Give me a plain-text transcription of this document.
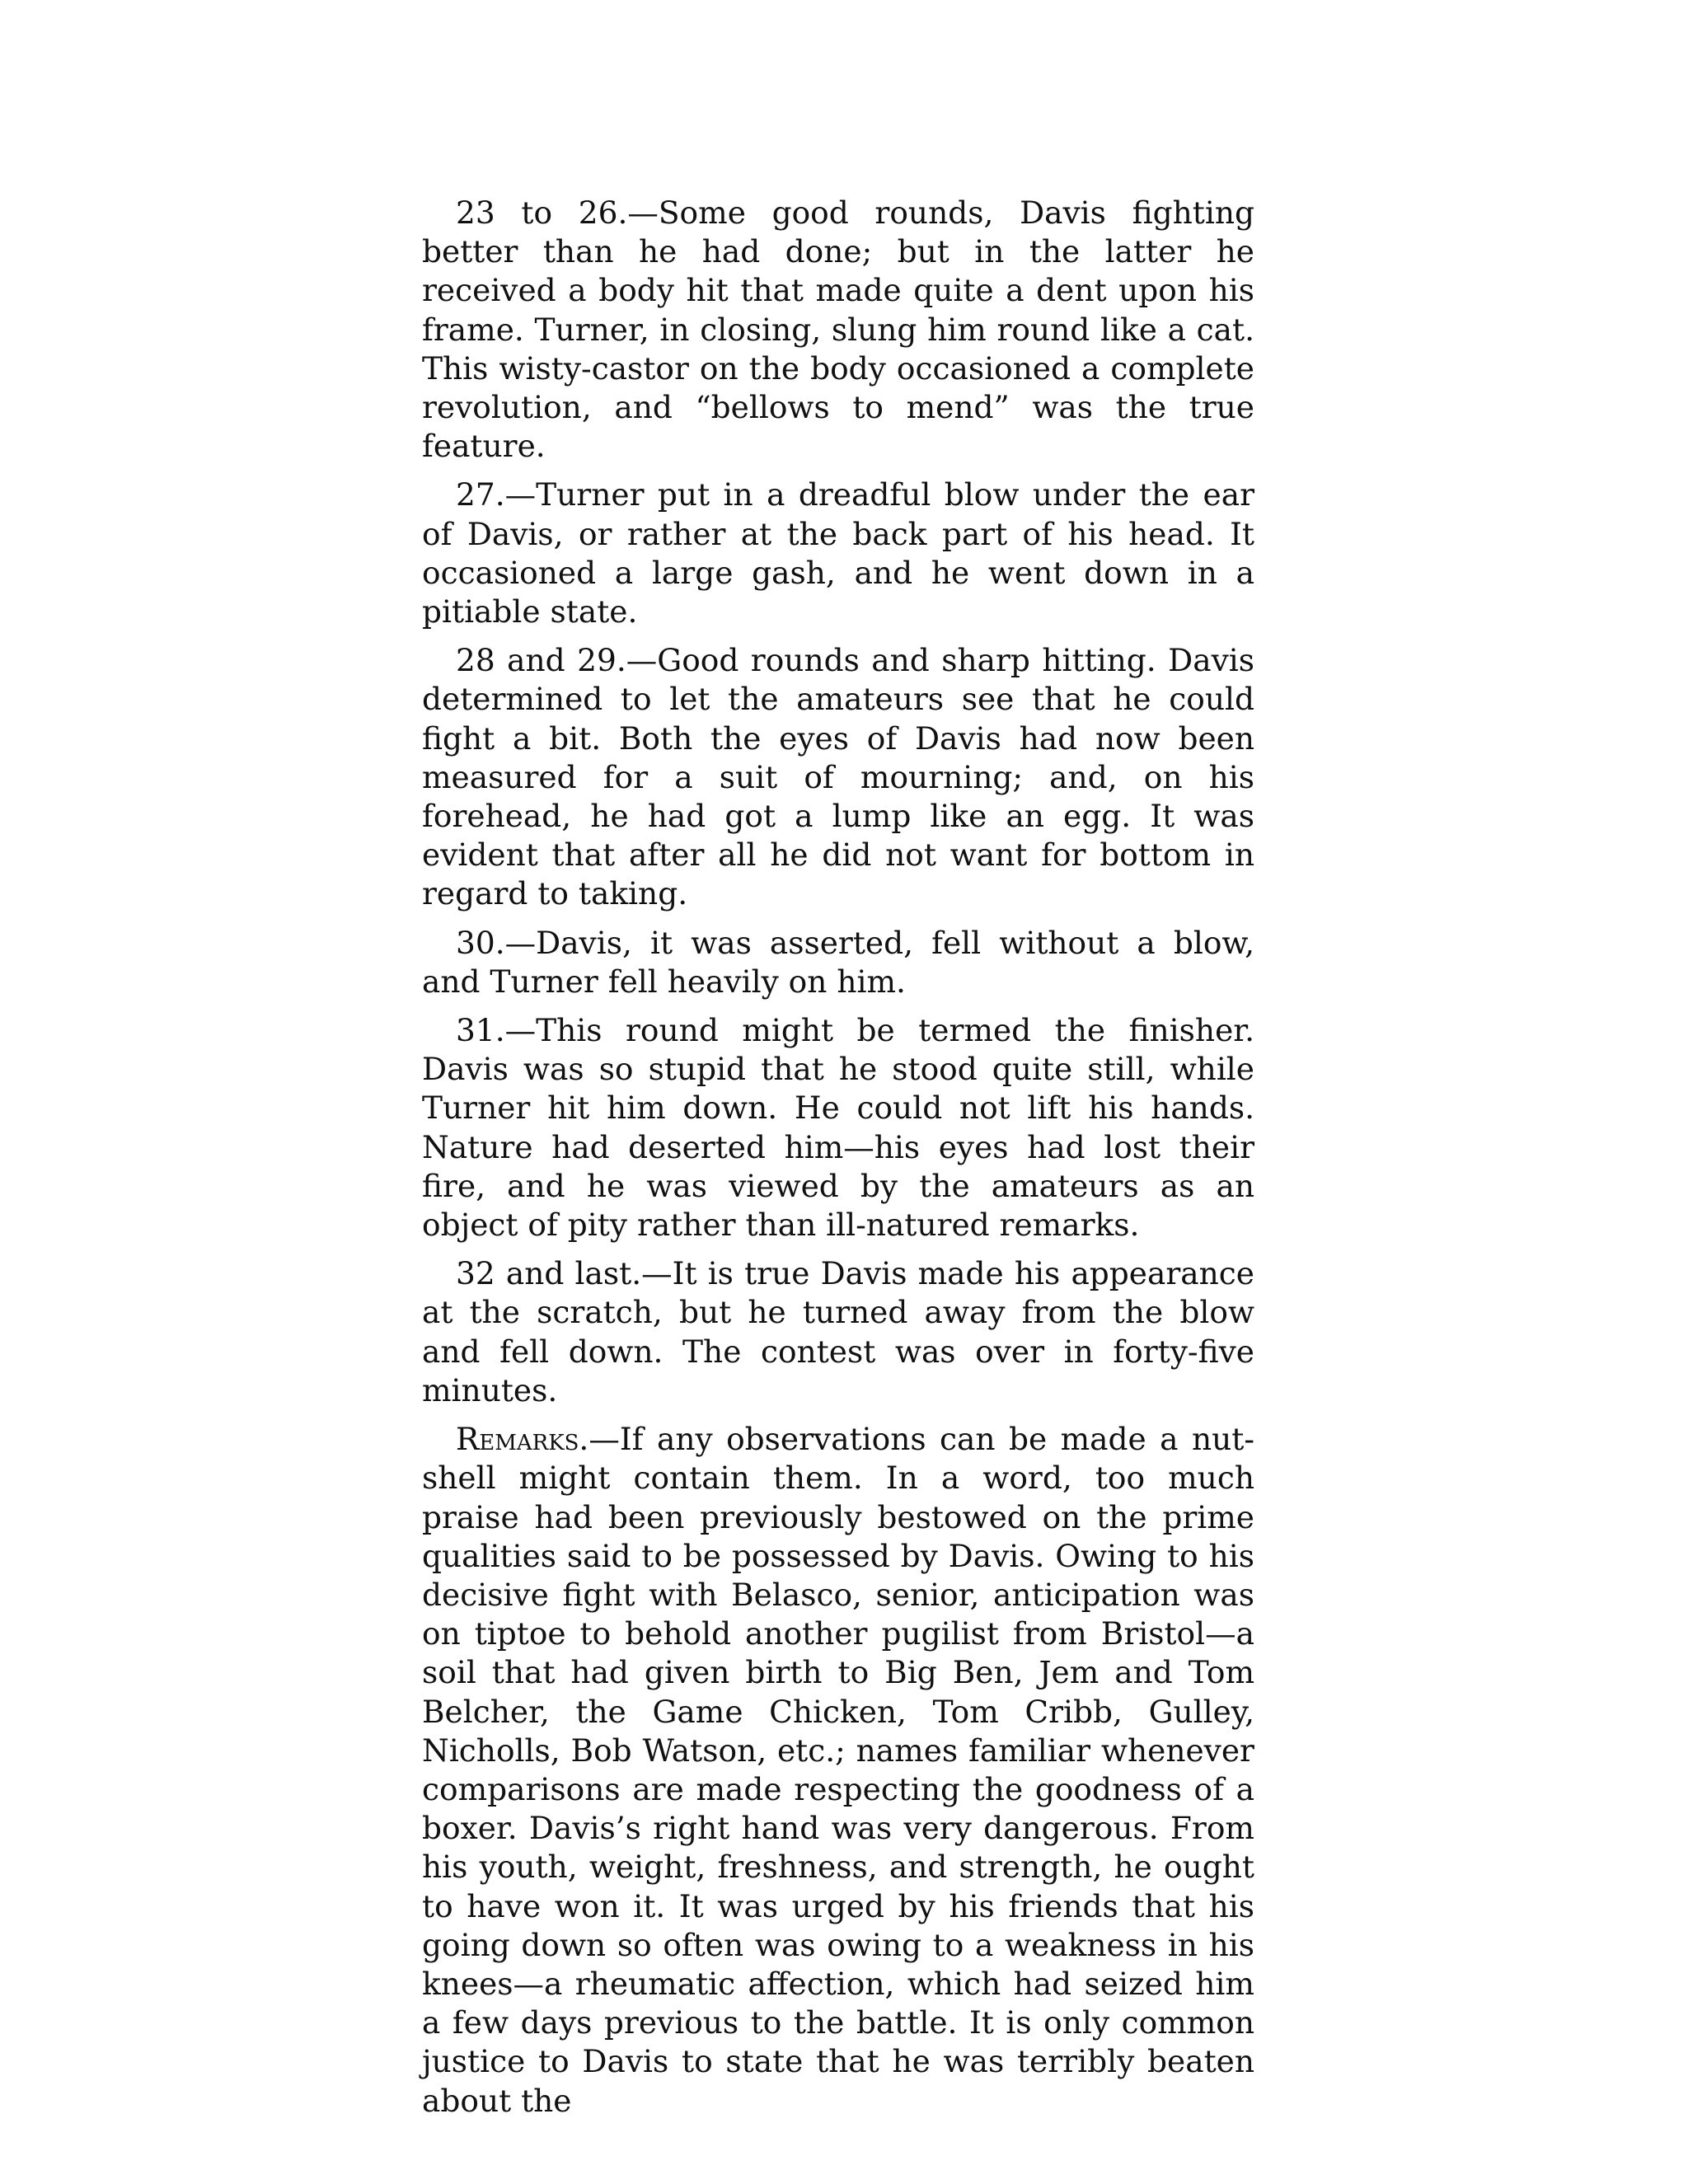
23 to 26.—Some good rounds, Davis fighting better than he had done; but in the latter he received a body hit that made quite a dent upon his frame. Turner, in closing, slung him round like a cat. This wisty-castor on the body occasioned a complete revolution, and “bellows to mend” was the true feature.

27.—Turner put in a dreadful blow under the ear of Davis, or rather at the back part of his head. It occasioned a large gash, and he went down in a pitiable state.

28 and 29.—Good rounds and sharp hitting. Davis determined to let the amateurs see that he could fight a bit. Both the eyes of Davis had now been measured for a suit of mourning; and, on his forehead, he had got a lump like an egg. It was evident that after all he did not want for bottom in regard to taking.

30.—Davis, it was asserted, fell without a blow, and Turner fell heavily on him.

31.—This round might be termed the finisher. Davis was so stupid that he stood quite still, while Turner hit him down. He could not lift his hands. Nature had deserted him—his eyes had lost their fire, and he was viewed by the amateurs as an object of pity rather than ill-natured remarks.

32 and last.—It is true Davis made his appearance at the scratch, but he turned away from the blow and fell down. The contest was over in forty-five minutes.

Remarks.—If any observations can be made a nut-shell might contain them. In a word, too much praise had been previously bestowed on the prime qualities said to be possessed by Davis. Owing to his decisive fight with Belasco, senior, anticipation was on tiptoe to behold another pugilist from Bristol—a soil that had given birth to Big Ben, Jem and Tom Belcher, the Game Chicken, Tom Cribb, Gulley, Nicholls, Bob Watson, etc.; names familiar whenever comparisons are made respecting the goodness of a boxer. Davis’s right hand was very dangerous. From his youth, weight, freshness, and strength, he ought to have won it. It was urged by his friends that his going down so often was owing to a weakness in his knees—a rheumatic affection, which had seized him a few days previous to the battle. It is only common justice to Davis to state that he was terribly beaten about the
